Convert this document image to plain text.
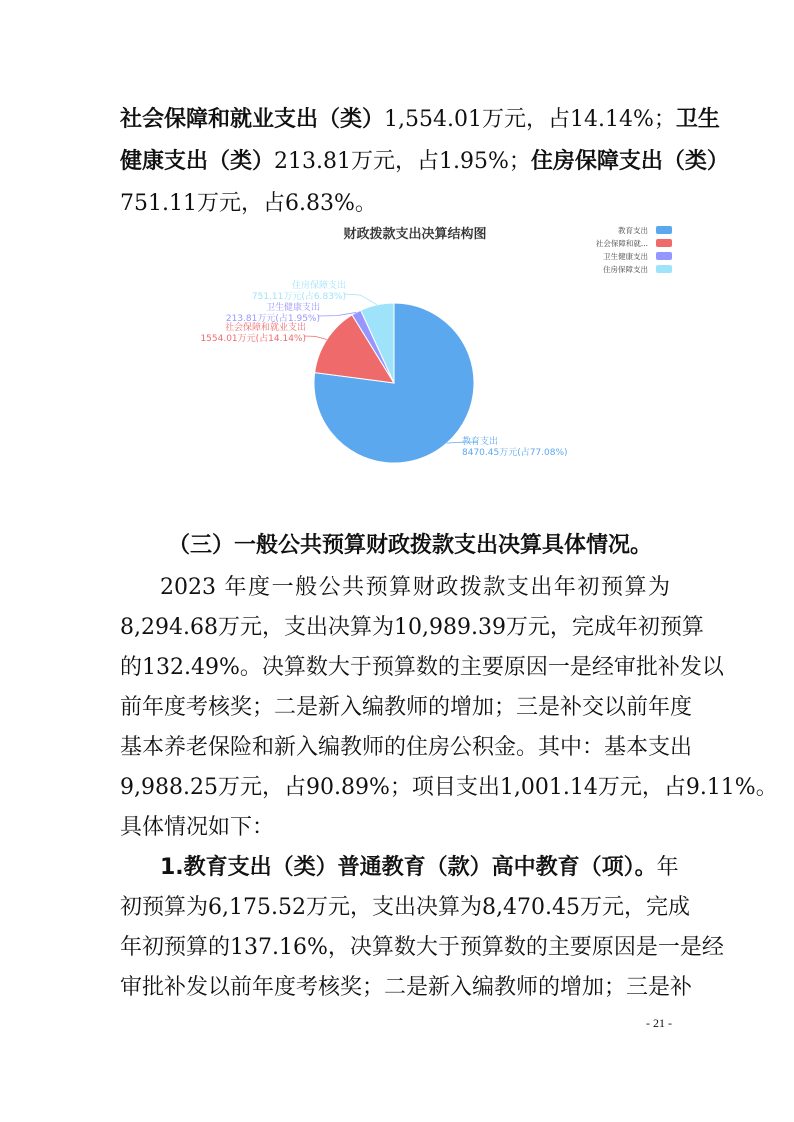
社会保障和就业支出（类）1,554.01万元，占14.14%；卫生
健康支出（类）213.81万元，占1.95%；住房保障支出（类）
751.11万元，占6.83%。
财政拨款支出决算结构图
教育支出
8470.45万元(占77.08%)
社会保障和就业支出
1554.01万元(占14.14%)
卫生健康支出
213.81万元(占1.95%)
住房保障支出
751.11万元(占6.83%)
教育支出
社会保障和就...
卫生健康支出
住房保障支出
（三）一般公共预算财政拨款支出决算具体情况。
2023 年度一般公共预算财政拨款支出年初预算为
8,294.68万元，支出决算为10,989.39万元，完成年初预算
的132.49%。决算数大于预算数的主要原因一是经审批补发以
前年度考核奖；二是新入编教师的增加；三是补交以前年度
基本养老保险和新入编教师的住房公积金。其中：基本支出
9,988.25万元，占90.89%；项目支出1,001.14万元，占9.11%。
具体情况如下：
1.教育支出（类）普通教育（款）高中教育（项）。年
初预算为6,175.52万元，支出决算为8,470.45万元，完成
年初预算的137.16%，决算数大于预算数的主要原因是一是经
审批补发以前年度考核奖；二是新入编教师的增加；三是补
- 21 -
